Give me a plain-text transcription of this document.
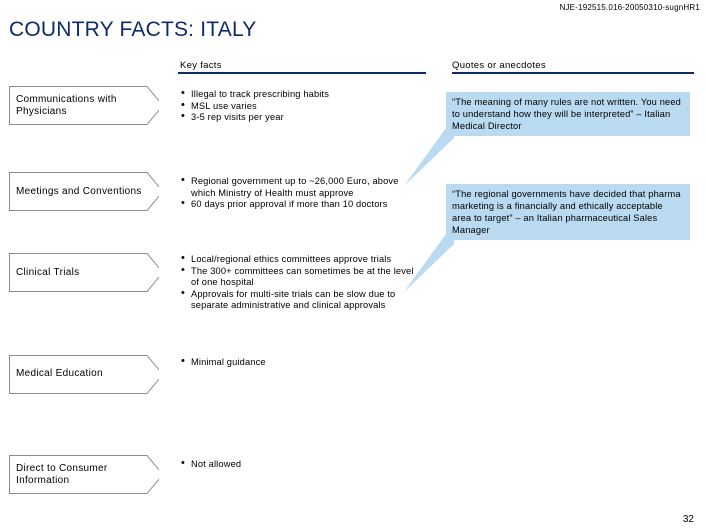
NJE-192515.016-20050310-sugnHR1
COUNTRY FACTS: ITALY
Key facts	Quotes or anecdotes
Communications with Physicians
• Illegal to track prescribing habits
• MSL use varies
• 3-5 rep visits per year
Meetings and Conventions
• Regional government up to ~26,000 Euro, above which Ministry of Health must approve
• 60 days prior approval if more than 10 doctors
Clinical Trials
• Local/regional ethics committees approve trials
• The 300+ committees can sometimes be at the level of one hospital
• Approvals for multi-site trials can be slow due to separate administrative and clinical approvals
Medical Education
• Minimal guidance
Direct to Consumer
Information
• Not allowed
“The meaning of many rules are not written. You need to understand how they will be interpreted” – Italian Medical Director
“The regional governments have decided that pharma marketing is a financially and ethically acceptable area to target” – an Italian pharmaceutical Sales Manager
32
